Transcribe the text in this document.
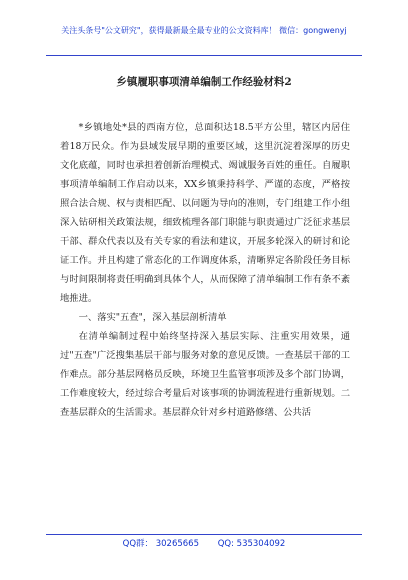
关注头条号"公文研究"，获得最新最全最专业的公文资料库！ 微信：gongwenyj
乡镇履职事项清单编制工作经验材料2

*乡镇地处*县的西南方位，总面积达18.5平方公里，辖区内居住着18万民众。作为县域发展早期的重要区域，这里沉淀着深厚的历史文化底蕴，同时也承担着创新治理模式、竭诚服务百姓的重任。自履职事项清单编制工作启动以来，XX乡镇秉持科学、严谨的态度，严格按照合法合规、权与责相匹配、以问题为导向的准则，专门组建工作小组深入钻研相关政策法规，细致梳理各部门职能与职责通过广泛征求基层干部、群众代表以及有关专家的看法和建议，开展多轮深入的研讨和论证工作。并且构建了常态化的工作调度体系，清晰界定各阶段任务目标与时间限制将责任明确到具体个人，从而保障了清单编制工作有条不紊地推进。

一、落实"五查"，深入基层剖析清单

在清单编制过程中始终坚持深入基层实际、注重实用效果，通过"五查"广泛搜集基层干部与服务对象的意见反馈。一查基层干部的工作难点。部分基层网格员反映，环境卫生监管事项涉及多个部门协调，工作难度较大，经过综合考量后对该事项的协调流程进行重新规划。二查基层群众的生活需求。基层群众针对乡村道路修缮、公共活

QQ群： 30265665 QQ: 535304092
